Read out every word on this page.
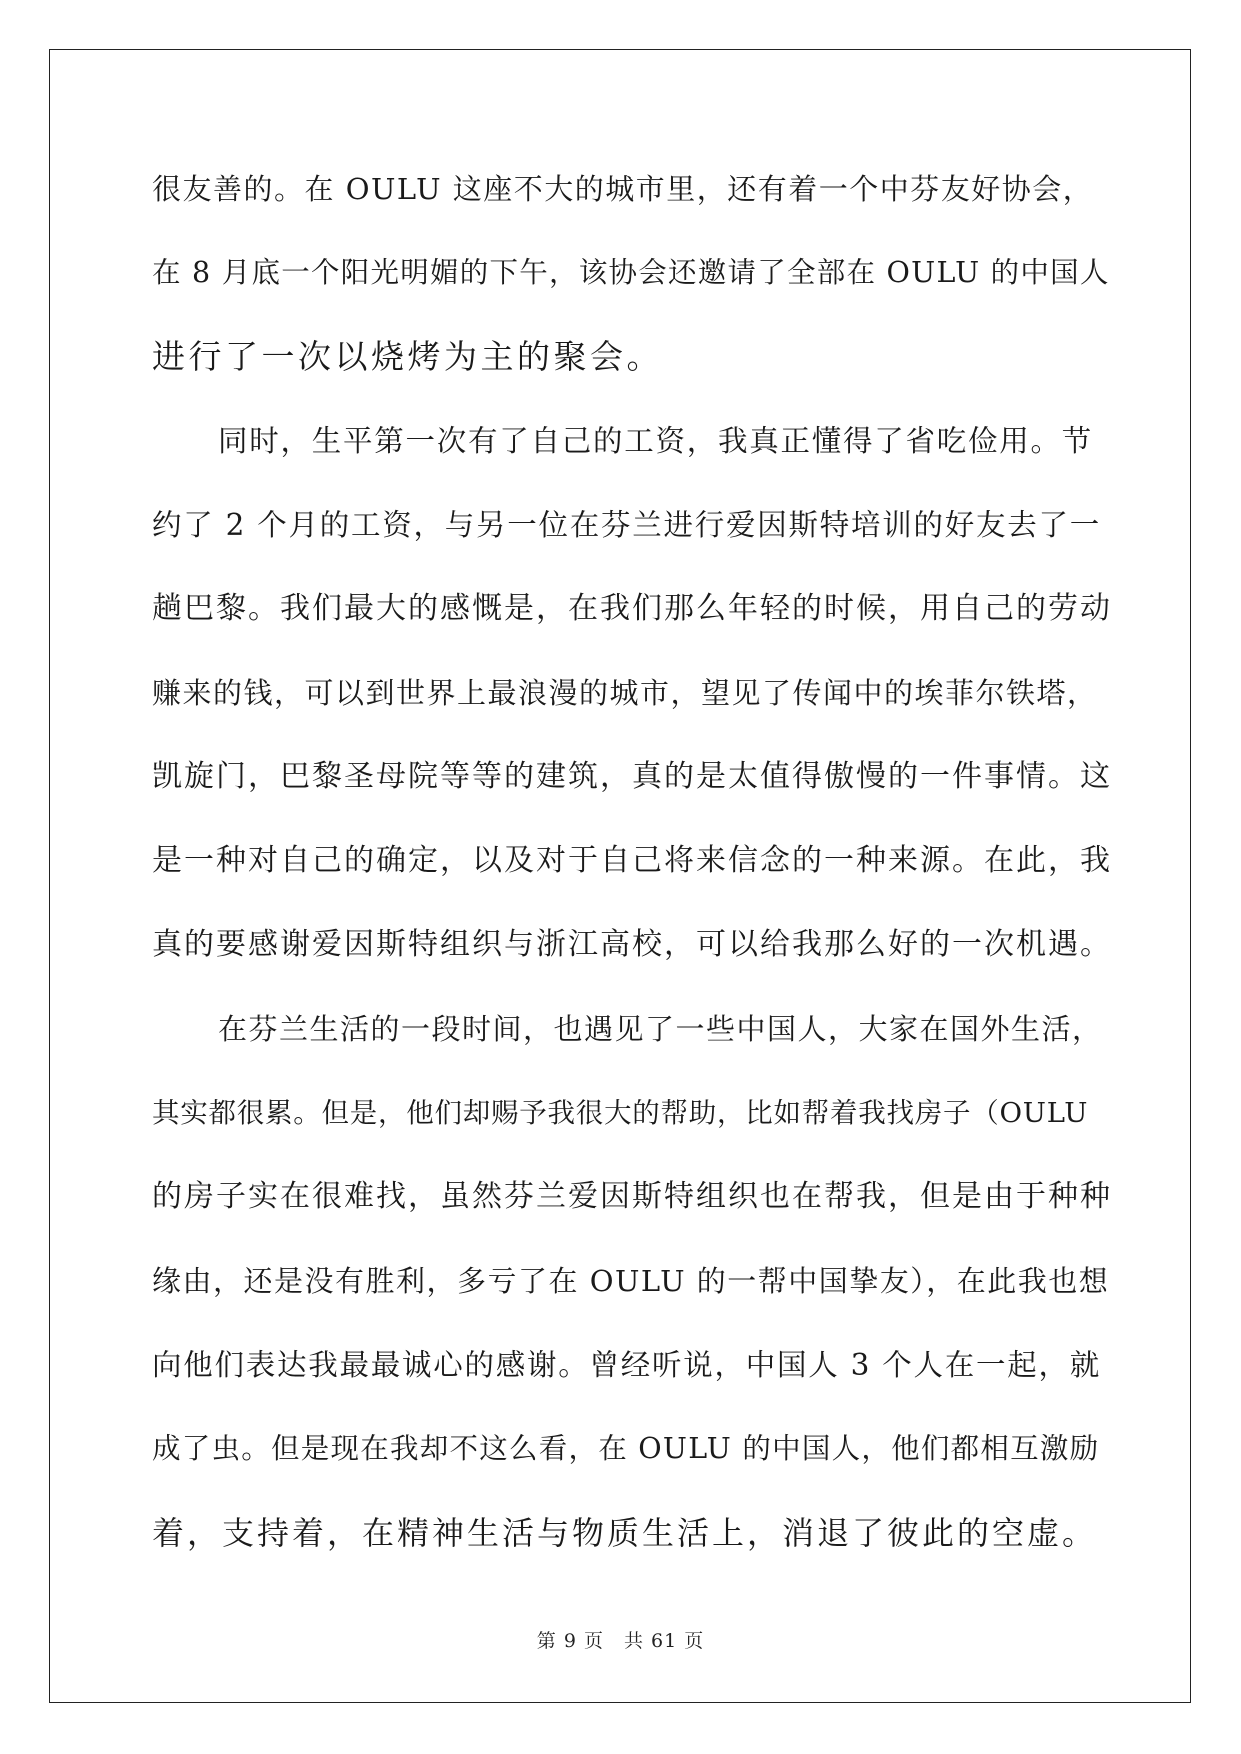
很友善的。在 OULU 这座不大的城市里，还有着一个中芬友好协会，
在 8 月底一个阳光明媚的下午，该协会还邀请了全部在 OULU 的中国人
进行了一次以烧烤为主的聚会。
同时，生平第一次有了自己的工资，我真正懂得了省吃俭用。节
约了 2 个月的工资，与另一位在芬兰进行爱因斯特培训的好友去了一
趟巴黎。我们最大的感慨是，在我们那么年轻的时候，用自己的劳动
赚来的钱，可以到世界上最浪漫的城市，望见了传闻中的埃菲尔铁塔，
凯旋门，巴黎圣母院等等的建筑，真的是太值得傲慢的一件事情。这
是一种对自己的确定，以及对于自己将来信念的一种来源。在此，我
真的要感谢爱因斯特组织与浙江高校，可以给我那么好的一次机遇。
在芬兰生活的一段时间，也遇见了一些中国人，大家在国外生活，
其实都很累。但是，他们却赐予我很大的帮助，比如帮着我找房子（OULU
的房子实在很难找，虽然芬兰爱因斯特组织也在帮我，但是由于种种
缘由，还是没有胜利，多亏了在 OULU 的一帮中国挚友），在此我也想
向他们表达我最最诚心的感谢。曾经听说，中国人 3 个人在一起，就
成了虫。但是现在我却不这么看，在 OULU 的中国人，他们都相互激励
着，支持着，在精神生活与物质生活上，消退了彼此的空虚。
第 9 页 共 61 页
